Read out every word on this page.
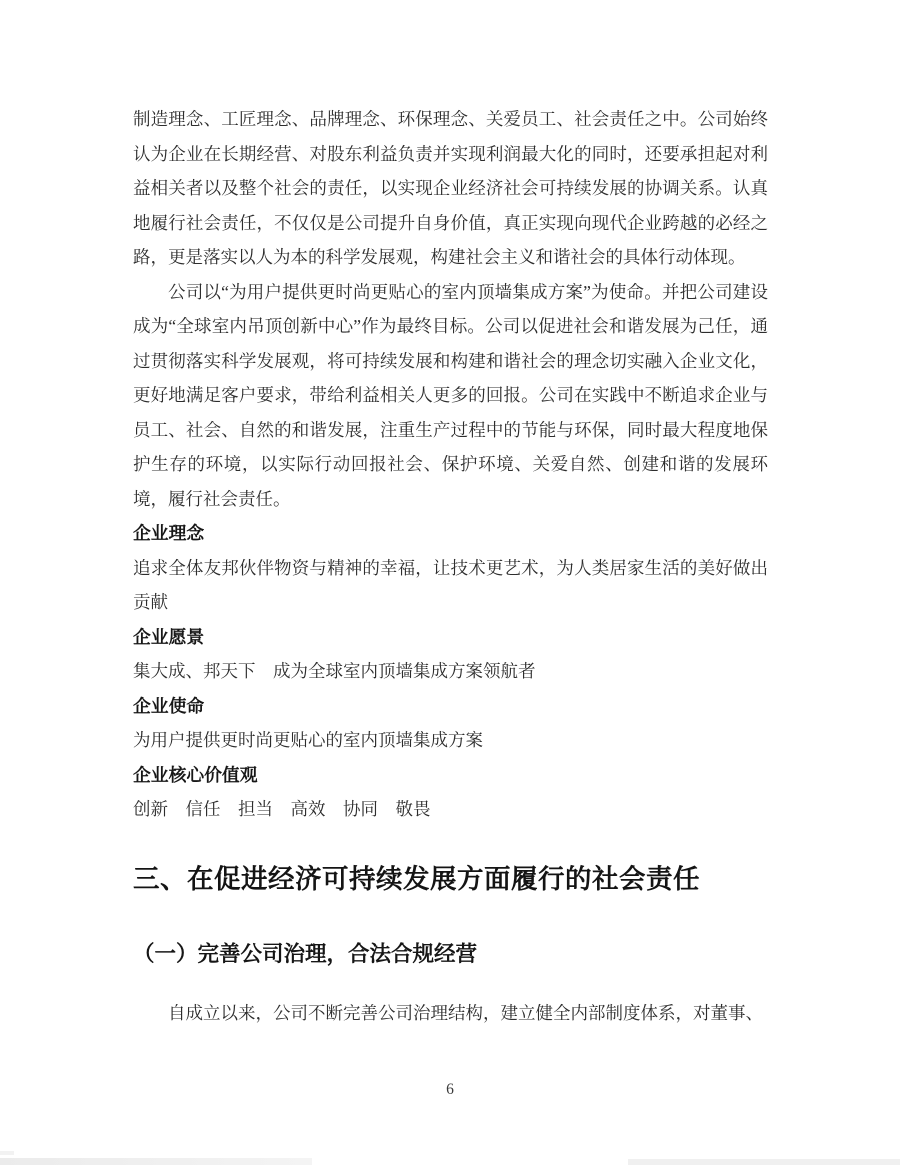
制造理念、工匠理念、品牌理念、环保理念、关爱员工、社会责任之中。公司始终认为企业在长期经营、对股东利益负责并实现利润最大化的同时，还要承担起对利益相关者以及整个社会的责任，以实现企业经济社会可持续发展的协调关系。认真地履行社会责任，不仅仅是公司提升自身价值，真正实现向现代企业跨越的必经之路，更是落实以人为本的科学发展观，构建社会主义和谐社会的具体行动体现。

公司以“为用户提供更时尚更贴心的室内顶墙集成方案”为使命。并把公司建设成为“全球室内吊顶创新中心”作为最终目标。公司以促进社会和谐发展为己任，通过贯彻落实科学发展观，将可持续发展和构建和谐社会的理念切实融入企业文化，更好地满足客户要求，带给利益相关人更多的回报。公司在实践中不断追求企业与员工、社会、自然的和谐发展，注重生产过程中的节能与环保，同时最大程度地保护生存的环境，以实际行动回报社会、保护环境、关爱自然、创建和谐的发展环境，履行社会责任。

企业理念
追求全体友邦伙伴物资与精神的幸福，让技术更艺术，为人类居家生活的美好做出贡献
企业愿景
集大成、邦天下　成为全球室内顶墙集成方案领航者
企业使命
为用户提供更时尚更贴心的室内顶墙集成方案
企业核心价值观
创新　信任　担当　高效　协同　敬畏
三、在促进经济可持续发展方面履行的社会责任
（一）完善公司治理，合法合规经营

自成立以来，公司不断完善公司治理结构，建立健全内部制度体系，对董事、

6
